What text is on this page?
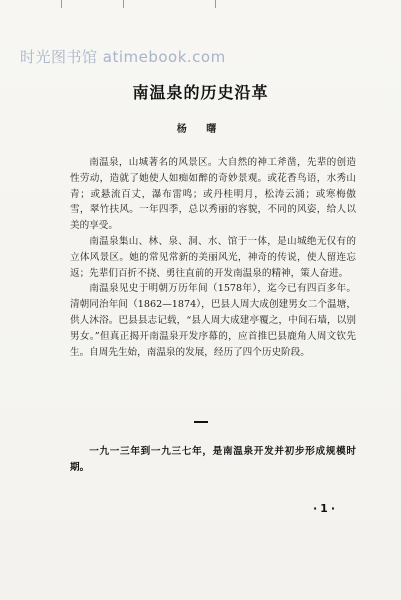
时光图书馆 atimebook.com
南温泉的历史沿革
杨 曙

南温泉，山城著名的风景区。大自然的神工斧凿，先辈的创造性劳动，造就了她使人如痴如醉的奇妙景观。或花香鸟语，水秀山青；或悬流百丈，瀑布雷鸣；或丹桂明月，松涛云涌；或寒梅傲雪，翠竹扶风。一年四季，总以秀丽的容貌，不同的风姿，给人以美的享受。

南温泉集山、林、泉、洞、水、馆于一体，是山城绝无仅有的立体风景区。她的常见常新的美丽风光，神奇的传说，使人留连忘返；先辈们百折不挠、勇往直前的开发南温泉的精神，策人奋进。

南温泉见史于明朝万历年间（1578年），迄今已有四百多年。清朝同治年间（1862—1874），巴县人周大成创建男女二个温塘，供人沐浴。巴县县志记载，“县人周大成建亭覆之，中间石墙，以别男女。”但真正揭开南温泉开发序幕的，应首推巴县鹿角人周文钦先生。自周先生始，南温泉的发展，经历了四个历史阶段。

一九一三年到一九三七年，是南温泉开发并初步形成规模时期。

·1·
